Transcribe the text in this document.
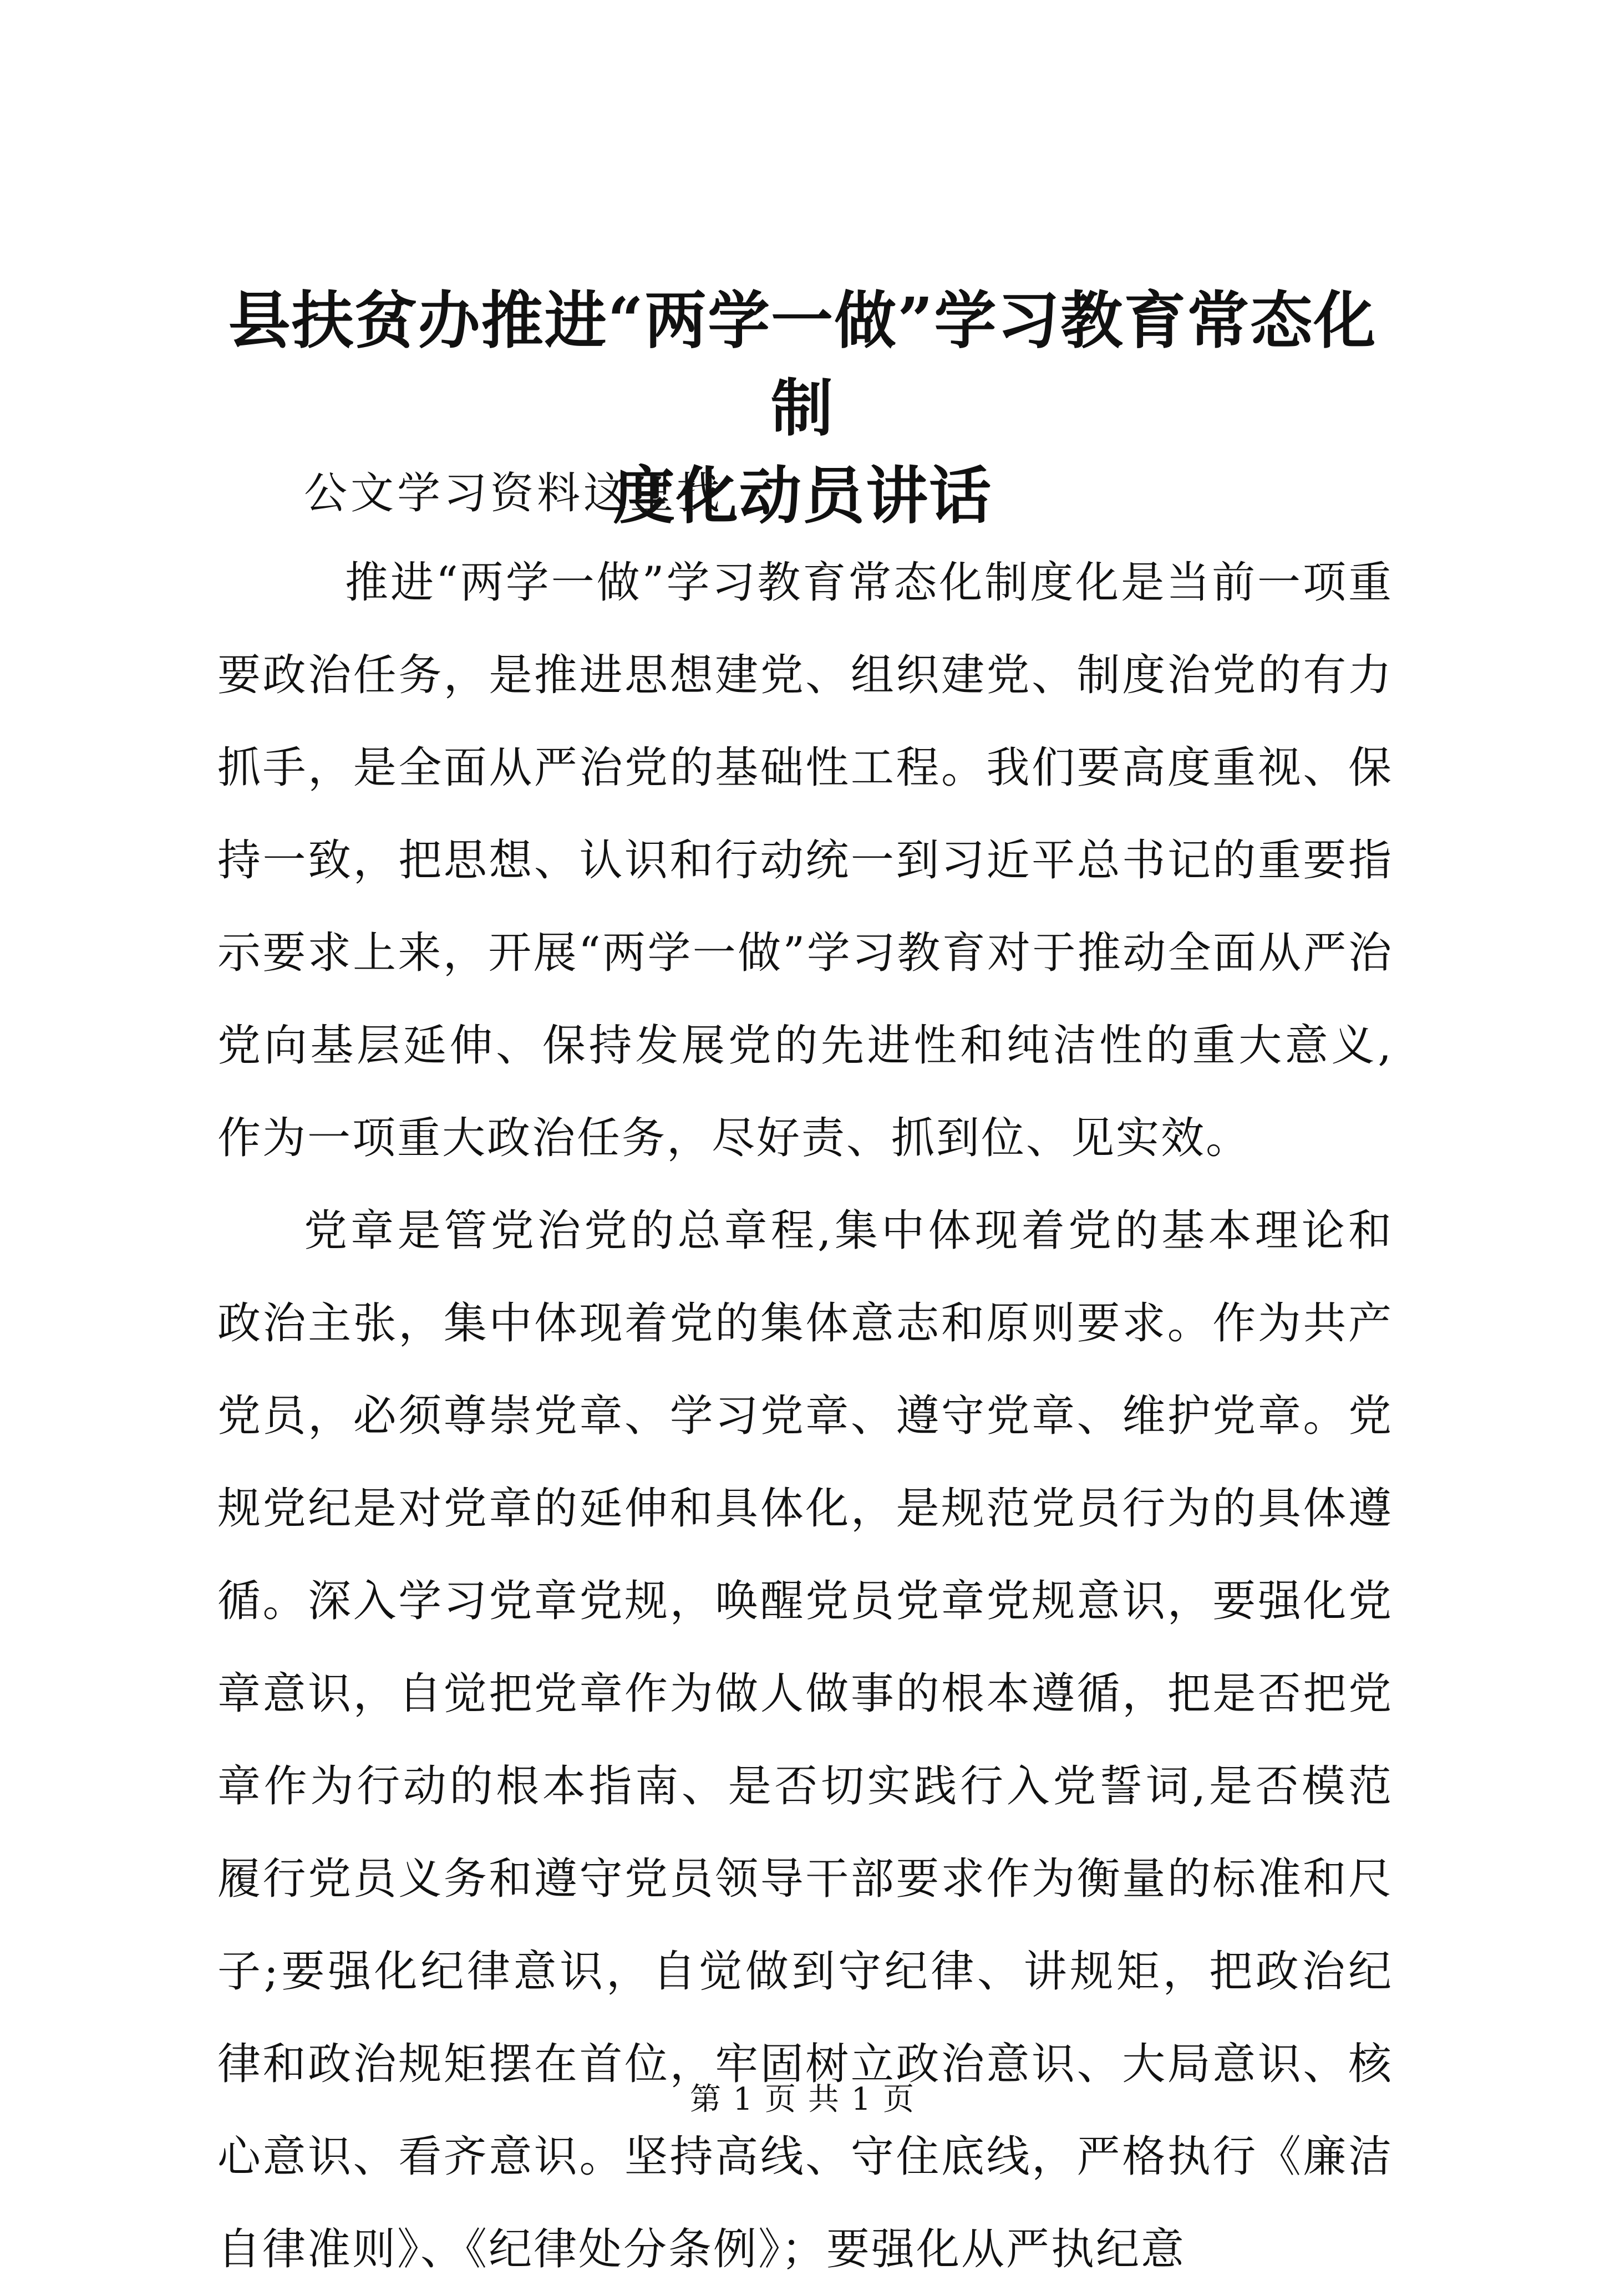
县扶贫办推进“两学一做”学习教育常态化制
度化动员讲话

公文学习资料这里找

推进“两学一做”学习教育常态化制度化是当前一项重要政治任务，是推进思想建党、组织建党、制度治党的有力抓手，是全面从严治党的基础性工程。我们要高度重视、保持一致，把思想、认识和行动统一到习近平总书记的重要指示要求上来，开展“两学一做”学习教育对于推动全面从严治党向基层延伸、保持发展党的先进性和纯洁性的重大意义,作为一项重大政治任务，尽好责、抓到位、见实效。

党章是管党治党的总章程,集中体现着党的基本理论和政治主张，集中体现着党的集体意志和原则要求。作为共产党员，必须尊崇党章、学习党章、遵守党章、维护党章。党规党纪是对党章的延伸和具体化，是规范党员行为的具体遵循。深入学习党章党规，唤醒党员党章党规意识，要强化党章意识，自觉把党章作为做人做事的根本遵循，把是否把党章作为行动的根本指南、是否切实践行入党誓词,是否模范履行党员义务和遵守党员领导干部要求作为衡量的标准和尺子;要强化纪律意识，自觉做到守纪律、讲规矩，把政治纪律和政治规矩摆在首位，牢固树立政治意识、大局意识、核心意识、看齐意识。坚持高线、守住底线，严格执行《廉洁自律准则》、《纪律处分条例》；要强化从严执纪意

第 1 页 共 1 页
